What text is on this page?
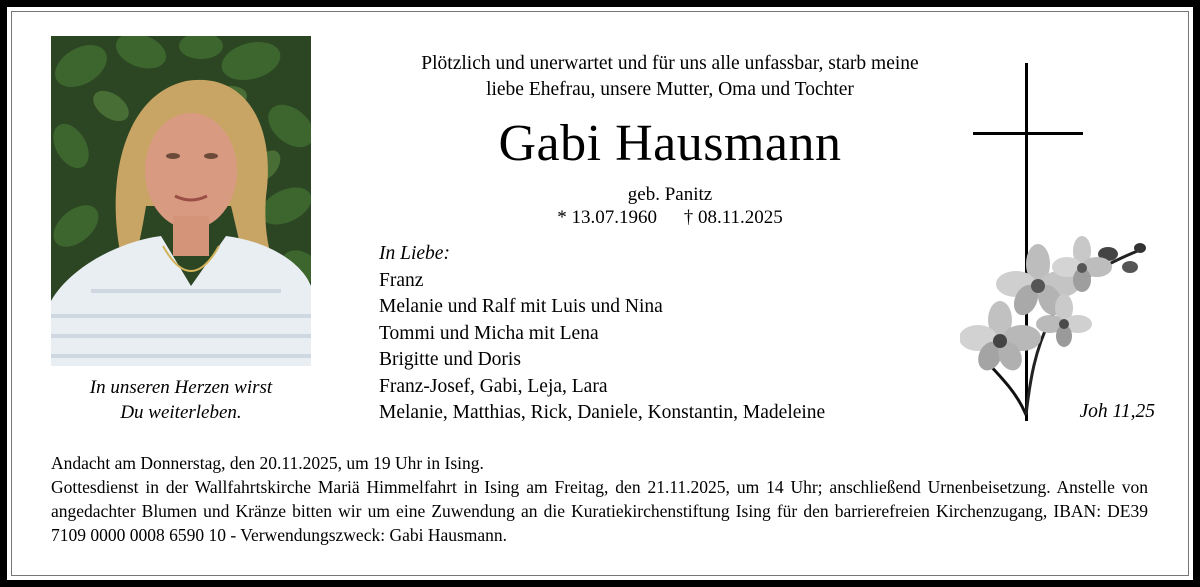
In unseren Herzen wirst
Du weiterleben.
Plötzlich und unerwartet und für uns alle unfassbar, starb meine
liebe Ehefrau, unsere Mutter, Oma und Tochter
Gabi Hausmann
geb. Panitz
* 13.07.1960 † 08.11.2025
In Liebe:
Franz
Melanie und Ralf mit Luis und Nina
Tommi und Micha mit Lena
Brigitte und Doris
Franz-Josef, Gabi, Leja, Lara
Melanie, Matthias, Rick, Daniele, Konstantin, Madeleine	Joh 11,25

Andacht am Donnerstag, den 20.11.2025, um 19 Uhr in Ising.

Gottesdienst in der Wallfahrtskirche Mariä Himmelfahrt in Ising am Freitag, den 21.11.2025, um 14 Uhr; anschließend Urnenbeisetzung. Anstelle von angedachter Blumen und Kränze bitten wir um eine Zuwendung an die Kuratiekirchenstiftung Ising für den barrierefreien Kirchenzugang, IBAN: DE39 7109 0000 0008 6590 10 - Verwendungszweck: Gabi Hausmann.
